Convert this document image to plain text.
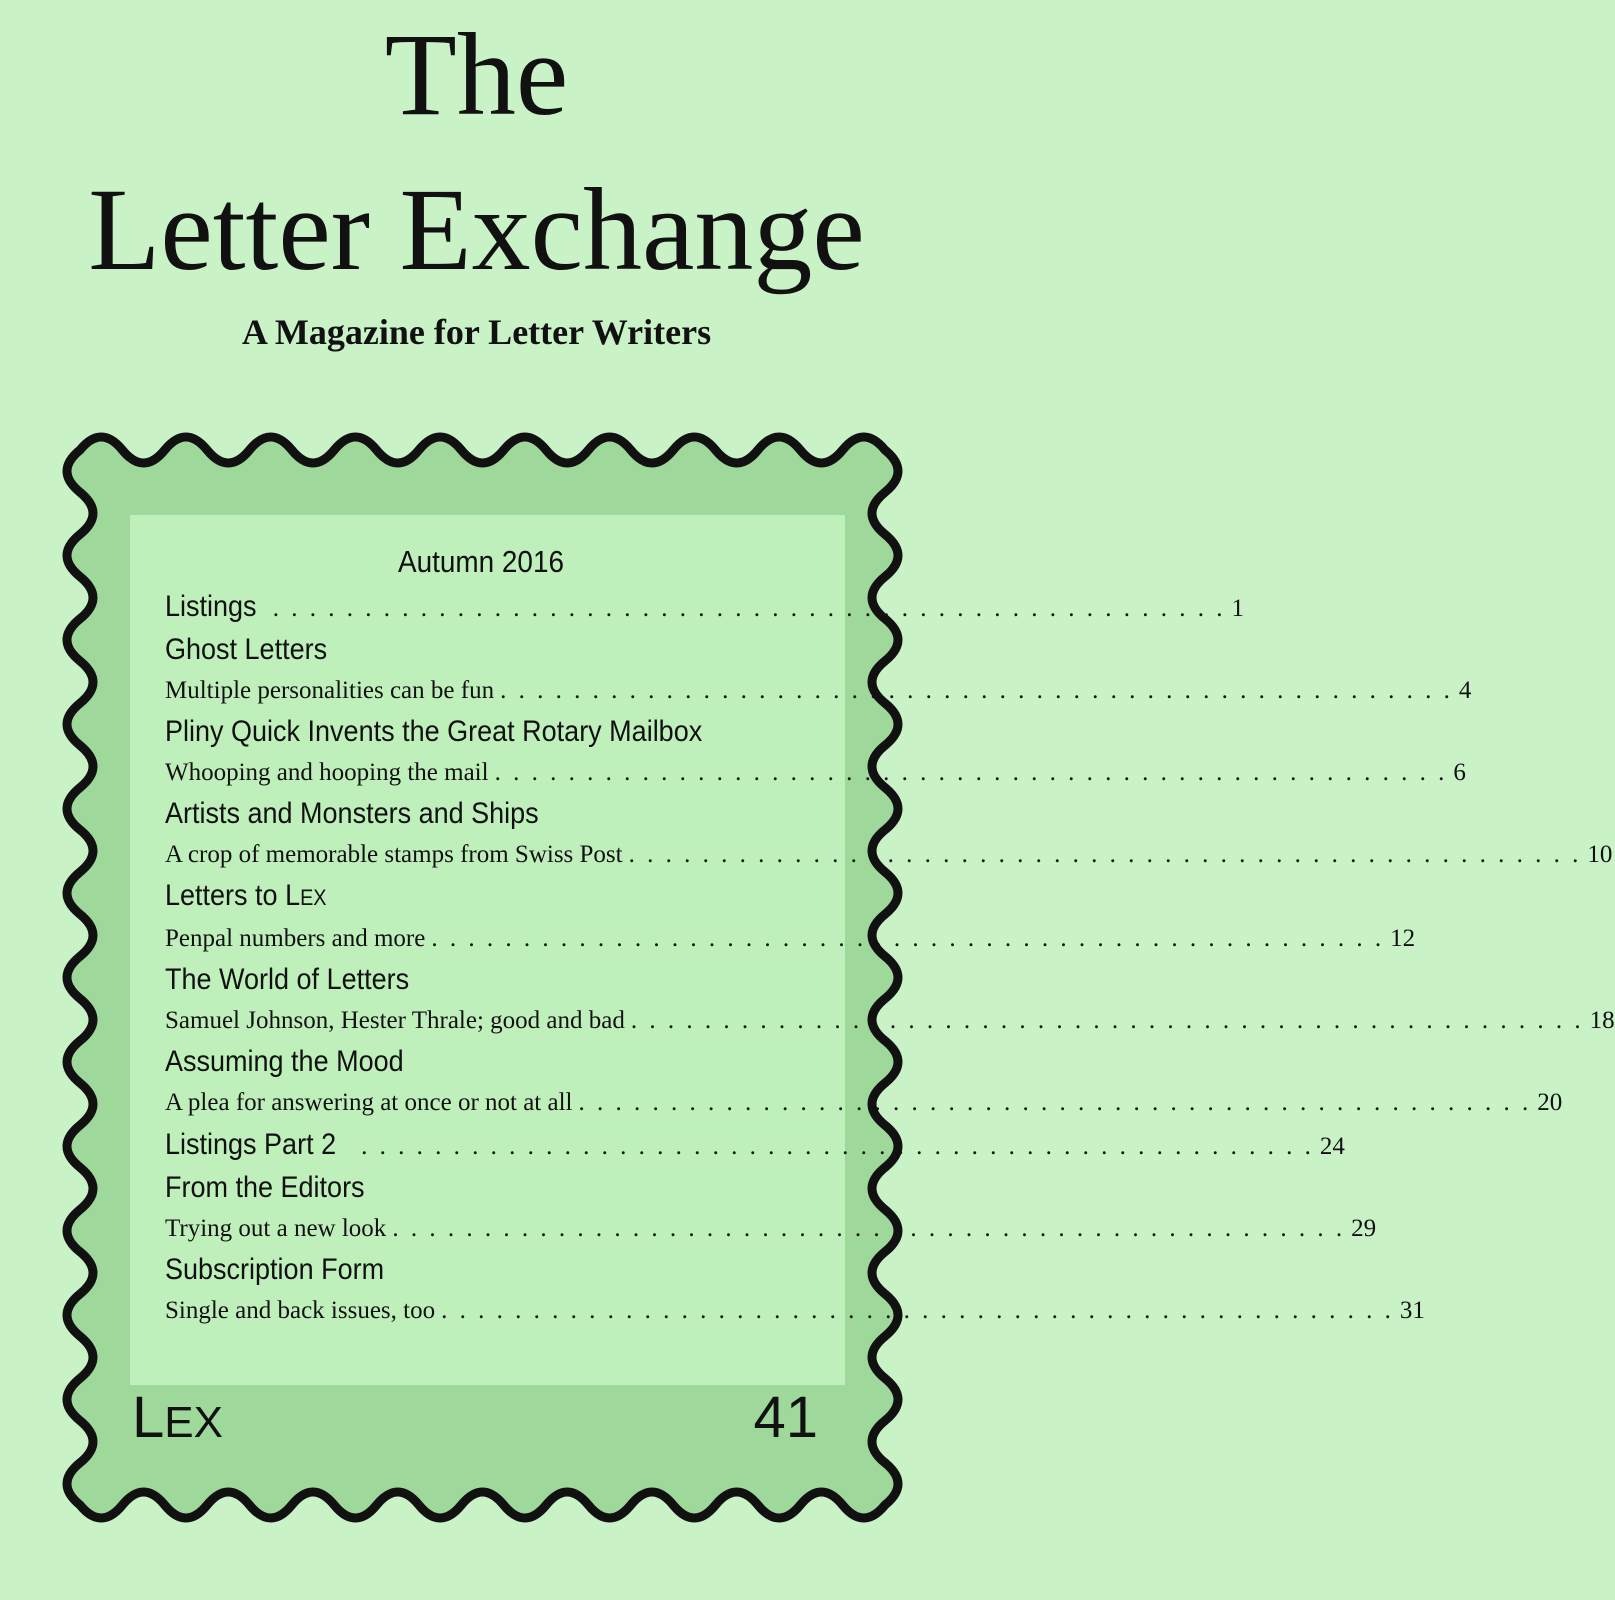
The
Letter Exchange
A Magazine for Letter Writers
Autumn 2016
Listings . . . . . . . . . . . . . . . . . . . . . . . . . . . . . . . . . . . . . . . . . . . . . . . . . . . . 1
Ghost Letters
Multiple personalities can be fun . . . . . . . . . . . . . . . . . . . . . . . . . . . . . . . . . . . . . . . . . . . . . . . . . . . . 4
Pliny Quick Invents the Great Rotary Mailbox
Whooping and hooping the mail . . . . . . . . . . . . . . . . . . . . . . . . . . . . . . . . . . . . . . . . . . . . . . . . . . . . 6
Artists and Monsters and Ships
A crop of memorable stamps from Swiss Post . . . . . . . . . . . . . . . . . . . . . . . . . . . . . . . . . . . . . . . . . . . . . . . . . . . . 10
Letters to LEX
Penpal numbers and more . . . . . . . . . . . . . . . . . . . . . . . . . . . . . . . . . . . . . . . . . . . . . . . . . . . . 12
The World of Letters
Samuel Johnson, Hester Thrale; good and bad . . . . . . . . . . . . . . . . . . . . . . . . . . . . . . . . . . . . . . . . . . . . . . . . . . . . 18
Assuming the Mood
A plea for answering at once or not at all . . . . . . . . . . . . . . . . . . . . . . . . . . . . . . . . . . . . . . . . . . . . . . . . . . . . 20
Listings Part 2 . . . . . . . . . . . . . . . . . . . . . . . . . . . . . . . . . . . . . . . . . . . . . . . . . . . . 24
From the Editors
Trying out a new look . . . . . . . . . . . . . . . . . . . . . . . . . . . . . . . . . . . . . . . . . . . . . . . . . . . . 29
Subscription Form
Single and back issues, too . . . . . . . . . . . . . . . . . . . . . . . . . . . . . . . . . . . . . . . . . . . . . . . . . . . . 31
LEX	41
